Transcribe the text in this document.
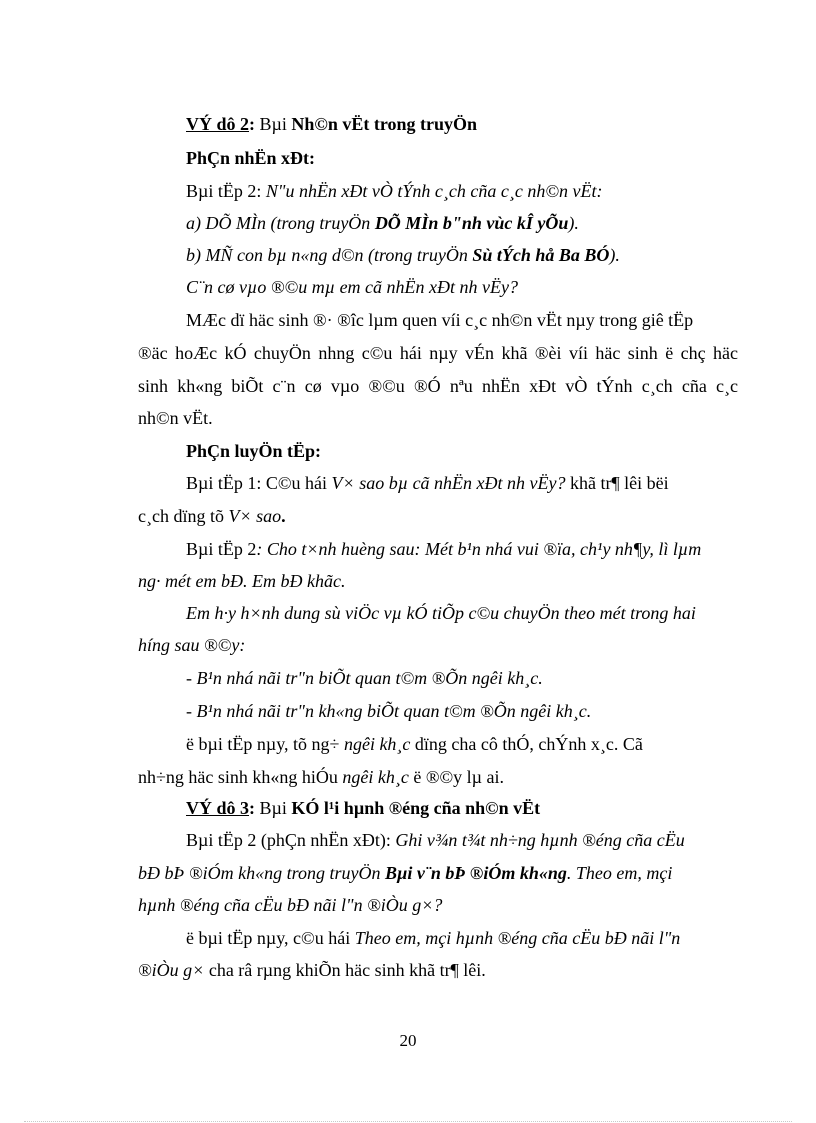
VÝ dô 2: Bµi Nh©n vËt trong truyÖn
PhÇn nhËn xÐt:
Bµi tËp 2: N"u nhËn xÐt vÒ tÝnh c¸ch cña c¸c nh©n vËt:
a) DÕ MÌn (trong truyÖn DÕ MÌn b"nh vùc kÎ yÕu).
b) MÑ con bµ n«ng d©n (trong truyÖn Sù tÝch hå Ba BÓ).
C¨n cø vµo ®©u mµ em cã nhËn xÐt nh vËy?
MÆc dï häc sinh ®· ®îc lµm quen víi c¸c nh©n vËt nµy trong giê tËp
®äc hoÆc kÓ chuyÖn nhng c©u hái nµy vÉn khã ®èi víi häc sinh ë chç häc
sinh kh«ng biÕt c¨n cø vµo ®©u ®Ó nªu nhËn xÐt vÒ tÝnh c¸ch cña c¸c
nh©n vËt.
PhÇn luyÖn tËp:
Bµi tËp 1: C©u hái V× sao bµ cã nhËn xÐt nh vËy? khã tr¶ lêi bëi
c¸ch dïng tõ V× sao.
Bµi tËp 2: Cho t×nh huèng sau: Mét b¹n nhá vui ®ïa, ch¹y nh¶y, lì lµm
ng· mét em bÐ. Em bÐ khãc.
Em h·y h×nh dung sù viÖc vµ kÓ tiÕp c©u chuyÖn theo mét trong hai
híng sau ®©y:
- B¹n nhá nãi tr"n biÕt quan t©m ®Õn ngêi kh¸c.
- B¹n nhá nãi tr"n kh«ng biÕt quan t©m ®Õn ngêi kh¸c.
ë bµi tËp nµy, tõ ng÷ ngêi kh¸c dïng cha cô thÓ, chÝnh x¸c. Cã
nh÷ng häc sinh kh«ng hiÓu ngêi kh¸c ë ®©y lµ ai.
VÝ dô 3: Bµi KÓ l¹i hµnh ®éng cña nh©n vËt
Bµi tËp 2 (phÇn nhËn xÐt): Ghi v¾n t¾t nh÷ng hµnh ®éng cña cËu
bÐ bÞ ®iÓm kh«ng trong truyÖn Bµi v¨n bÞ ®iÓm kh«ng. Theo em, mçi
hµnh ®éng cña cËu bÐ nãi l"n ®iÒu g×?
ë bµi tËp nµy, c©u hái Theo em, mçi hµnh ®éng cña cËu bÐ nãi l"n
®iÒu g× cha râ rµng khiÕn häc sinh khã tr¶ lêi.
20
